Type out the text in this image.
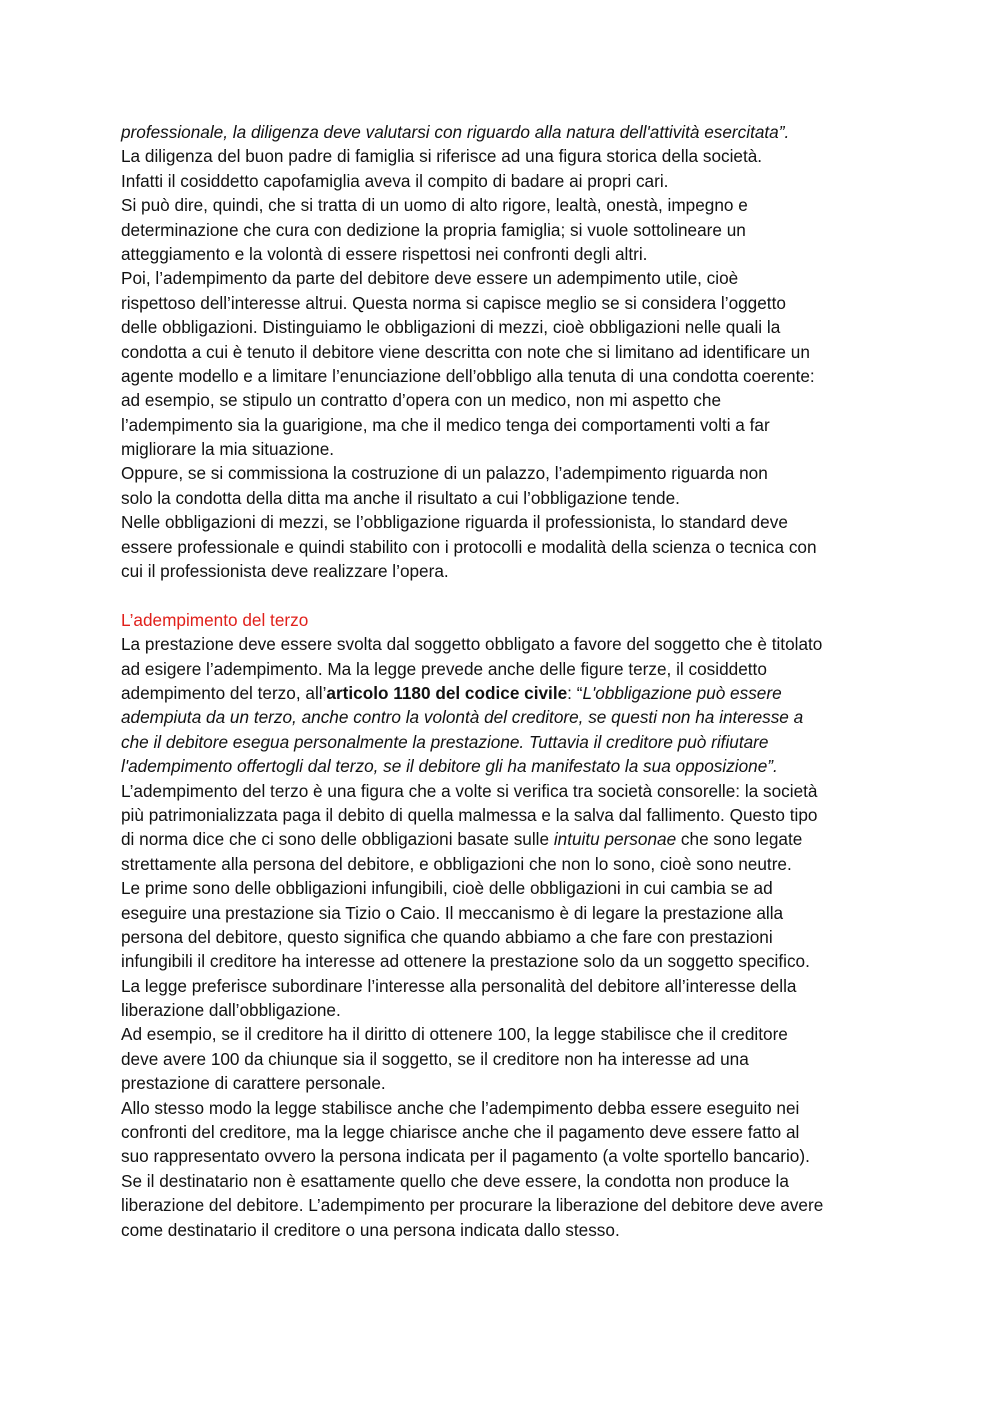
professionale, la diligenza deve valutarsi con riguardo alla natura dell'attività esercitata”.
La diligenza del buon padre di famiglia si riferisce ad una figura storica della società.
Infatti il cosiddetto capofamiglia aveva il compito di badare ai propri cari.
Si può dire, quindi, che si tratta di un uomo di alto rigore, lealtà, onestà, impegno e
determinazione che cura con dedizione la propria famiglia; si vuole sottolineare un
atteggiamento e la volontà di essere rispettosi nei confronti degli altri.
Poi, l’adempimento da parte del debitore deve essere un adempimento utile, cioè
rispettoso dell’interesse altrui. Questa norma si capisce meglio se si considera l’oggetto
delle obbligazioni. Distinguiamo le obbligazioni di mezzi, cioè obbligazioni nelle quali la
condotta a cui è tenuto il debitore viene descritta con note che si limitano ad identificare un
agente modello e a limitare l’enunciazione dell’obbligo alla tenuta di una condotta coerente:
ad esempio, se stipulo un contratto d’opera con un medico, non mi aspetto che
l’adempimento sia la guarigione, ma che il medico tenga dei comportamenti volti a far
migliorare la mia situazione.
Oppure, se si commissiona la costruzione di un palazzo, l’adempimento riguarda non
solo la condotta della ditta ma anche il risultato a cui l’obbligazione tende.
Nelle obbligazioni di mezzi, se l’obbligazione riguarda il professionista, lo standard deve
essere professionale e quindi stabilito con i protocolli e modalità della scienza o tecnica con
cui il professionista deve realizzare l’opera.
L’adempimento del terzo
La prestazione deve essere svolta dal soggetto obbligato a favore del soggetto che è titolato
ad esigere l’adempimento. Ma la legge prevede anche delle figure terze, il cosiddetto
adempimento del terzo, all’articolo 1180 del codice civile: “L'obbligazione può essere
adempiuta da un terzo, anche contro la volontà del creditore, se questi non ha interesse a
che il debitore esegua personalmente la prestazione. Tuttavia il creditore può rifiutare
l'adempimento offertogli dal terzo, se il debitore gli ha manifestato la sua opposizione”.
L’adempimento del terzo è una figura che a volte si verifica tra società consorelle: la società
più patrimonializzata paga il debito di quella malmessa e la salva dal fallimento. Questo tipo
di norma dice che ci sono delle obbligazioni basate sulle intuitu personae che sono legate
strettamente alla persona del debitore, e obbligazioni che non lo sono, cioè sono neutre.
Le prime sono delle obbligazioni infungibili, cioè delle obbligazioni in cui cambia se ad
eseguire una prestazione sia Tizio o Caio. Il meccanismo è di legare la prestazione alla
persona del debitore, questo significa che quando abbiamo a che fare con prestazioni
infungibili il creditore ha interesse ad ottenere la prestazione solo da un soggetto specifico.
La legge preferisce subordinare l’interesse alla personalità del debitore all’interesse della
liberazione dall’obbligazione.
Ad esempio, se il creditore ha il diritto di ottenere 100, la legge stabilisce che il creditore
deve avere 100 da chiunque sia il soggetto, se il creditore non ha interesse ad una
prestazione di carattere personale.
Allo stesso modo la legge stabilisce anche che l’adempimento debba essere eseguito nei
confronti del creditore, ma la legge chiarisce anche che il pagamento deve essere fatto al
suo rappresentato ovvero la persona indicata per il pagamento (a volte sportello bancario).
Se il destinatario non è esattamente quello che deve essere, la condotta non produce la
liberazione del debitore. L’adempimento per procurare la liberazione del debitore deve avere
come destinatario il creditore o una persona indicata dallo stesso.
